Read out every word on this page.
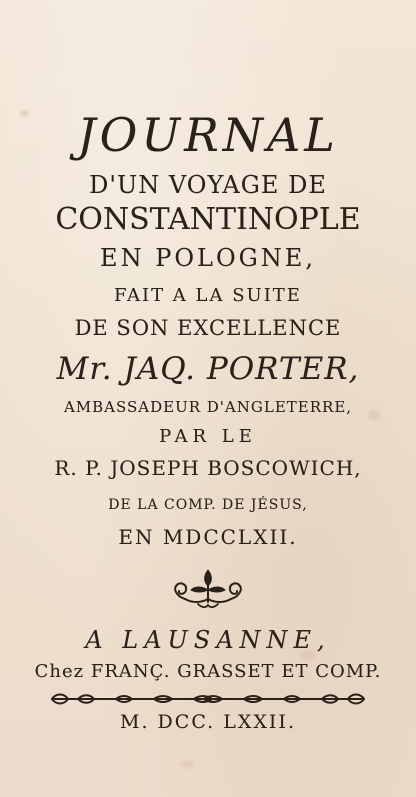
JOURNAL

D'UN VOYAGE DE

CONSTANTINOPLE

EN POLOGNE,

FAIT A LA SUITE

DE SON EXCELLENCE

Mr. JAQ. PORTER,

AMBASSADEUR D'ANGLETERRE,

PAR LE

R. P. JOSEPH BOSCOWICH,

DE LA COMP. DE JÉSUS,

EN MDCCLXII.

A LAUSANNE,

Chez FRANÇ. GRASSET ET COMP.

M. DCC. LXXII.
